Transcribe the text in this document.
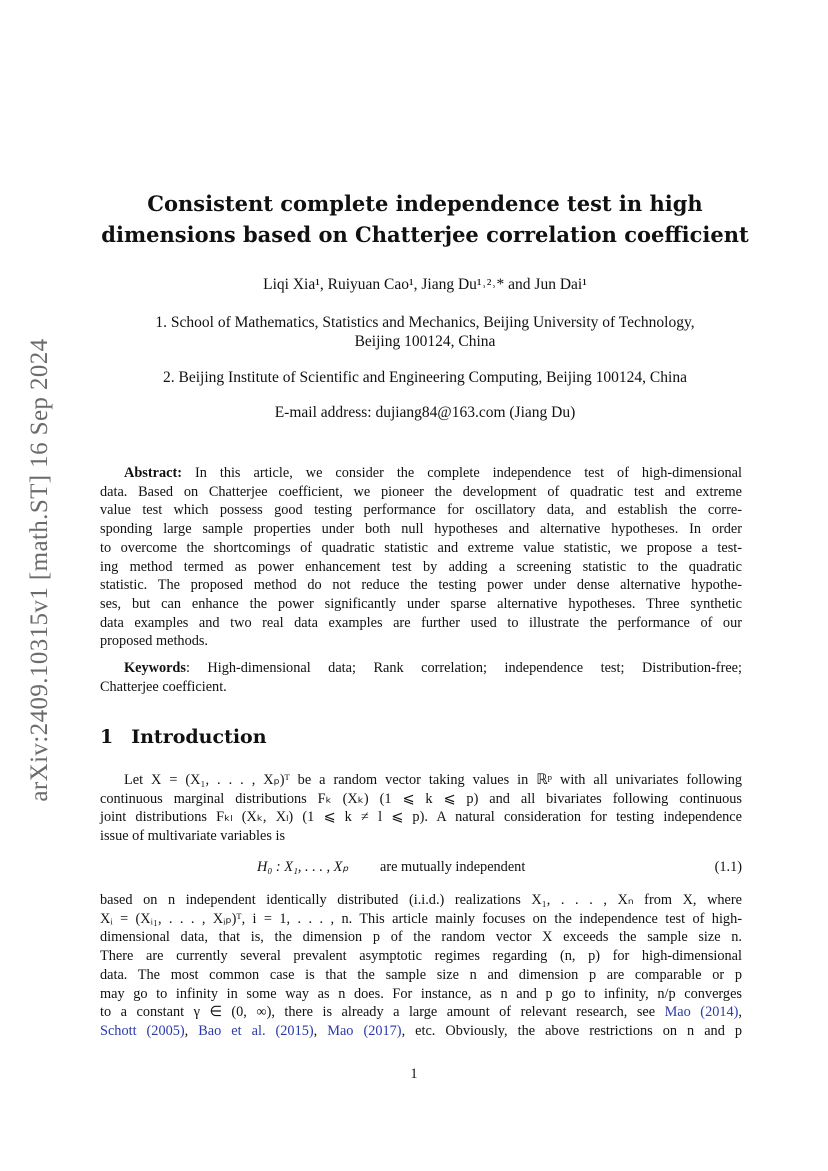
arXiv:2409.10315v1 [math.ST] 16 Sep 2024
Consistent complete independence test in high
dimensions based on Chatterjee correlation coefficient
Liqi Xia¹, Ruiyuan Cao¹, Jiang Du¹˒²˒* and Jun Dai¹
1. School of Mathematics, Statistics and Mechanics, Beijing University of Technology,
Beijing 100124, China
2. Beijing Institute of Scientific and Engineering Computing, Beijing 100124, China
E-mail address: dujiang84@163.com (Jiang Du)
Abstract: In this article, we consider the complete independence test of high-dimensional
data. Based on Chatterjee coefficient, we pioneer the development of quadratic test and extreme
value test which possess good testing performance for oscillatory data, and establish the corre-
sponding large sample properties under both null hypotheses and alternative hypotheses. In order
to overcome the shortcomings of quadratic statistic and extreme value statistic, we propose a test-
ing method termed as power enhancement test by adding a screening statistic to the quadratic
statistic. The proposed method do not reduce the testing power under dense alternative hypothe-
ses, but can enhance the power significantly under sparse alternative hypotheses. Three synthetic
data examples and two real data examples are further used to illustrate the performance of our
proposed methods.
Keywords: High-dimensional data; Rank correlation; independence test; Distribution-free;
Chatterjee coefficient.
1 Introduction
Let X = (X₁, . . . , Xₚ)ᵀ be a random vector taking values in ℝᵖ with all univariates following
continuous marginal distributions Fₖ (Xₖ) (1 ⩽ k ⩽ p) and all bivariates following continuous
joint distributions Fₖₗ (Xₖ, Xₗ) (1 ⩽ k ≠ l ⩽ p). A natural consideration for testing independence
issue of multivariate variables is
H₀ : X₁, . . . , Xₚ are mutually independent	(1.1)
based on n independent identically distributed (i.i.d.) realizations X₁, . . . , Xₙ from X, where
Xᵢ = (Xᵢ₁, . . . , Xᵢₚ)ᵀ, i = 1, . . . , n. This article mainly focuses on the independence test of high-
dimensional data, that is, the dimension p of the random vector X exceeds the sample size n.
There are currently several prevalent asymptotic regimes regarding (n, p) for high-dimensional
data. The most common case is that the sample size n and dimension p are comparable or p
may go to infinity in some way as n does. For instance, as n and p go to infinity, n/p converges
to a constant γ ∈ (0, ∞), there is already a large amount of relevant research, see Mao (2014),
Schott (2005), Bao et al. (2015), Mao (2017), etc. Obviously, the above restrictions on n and p
1
